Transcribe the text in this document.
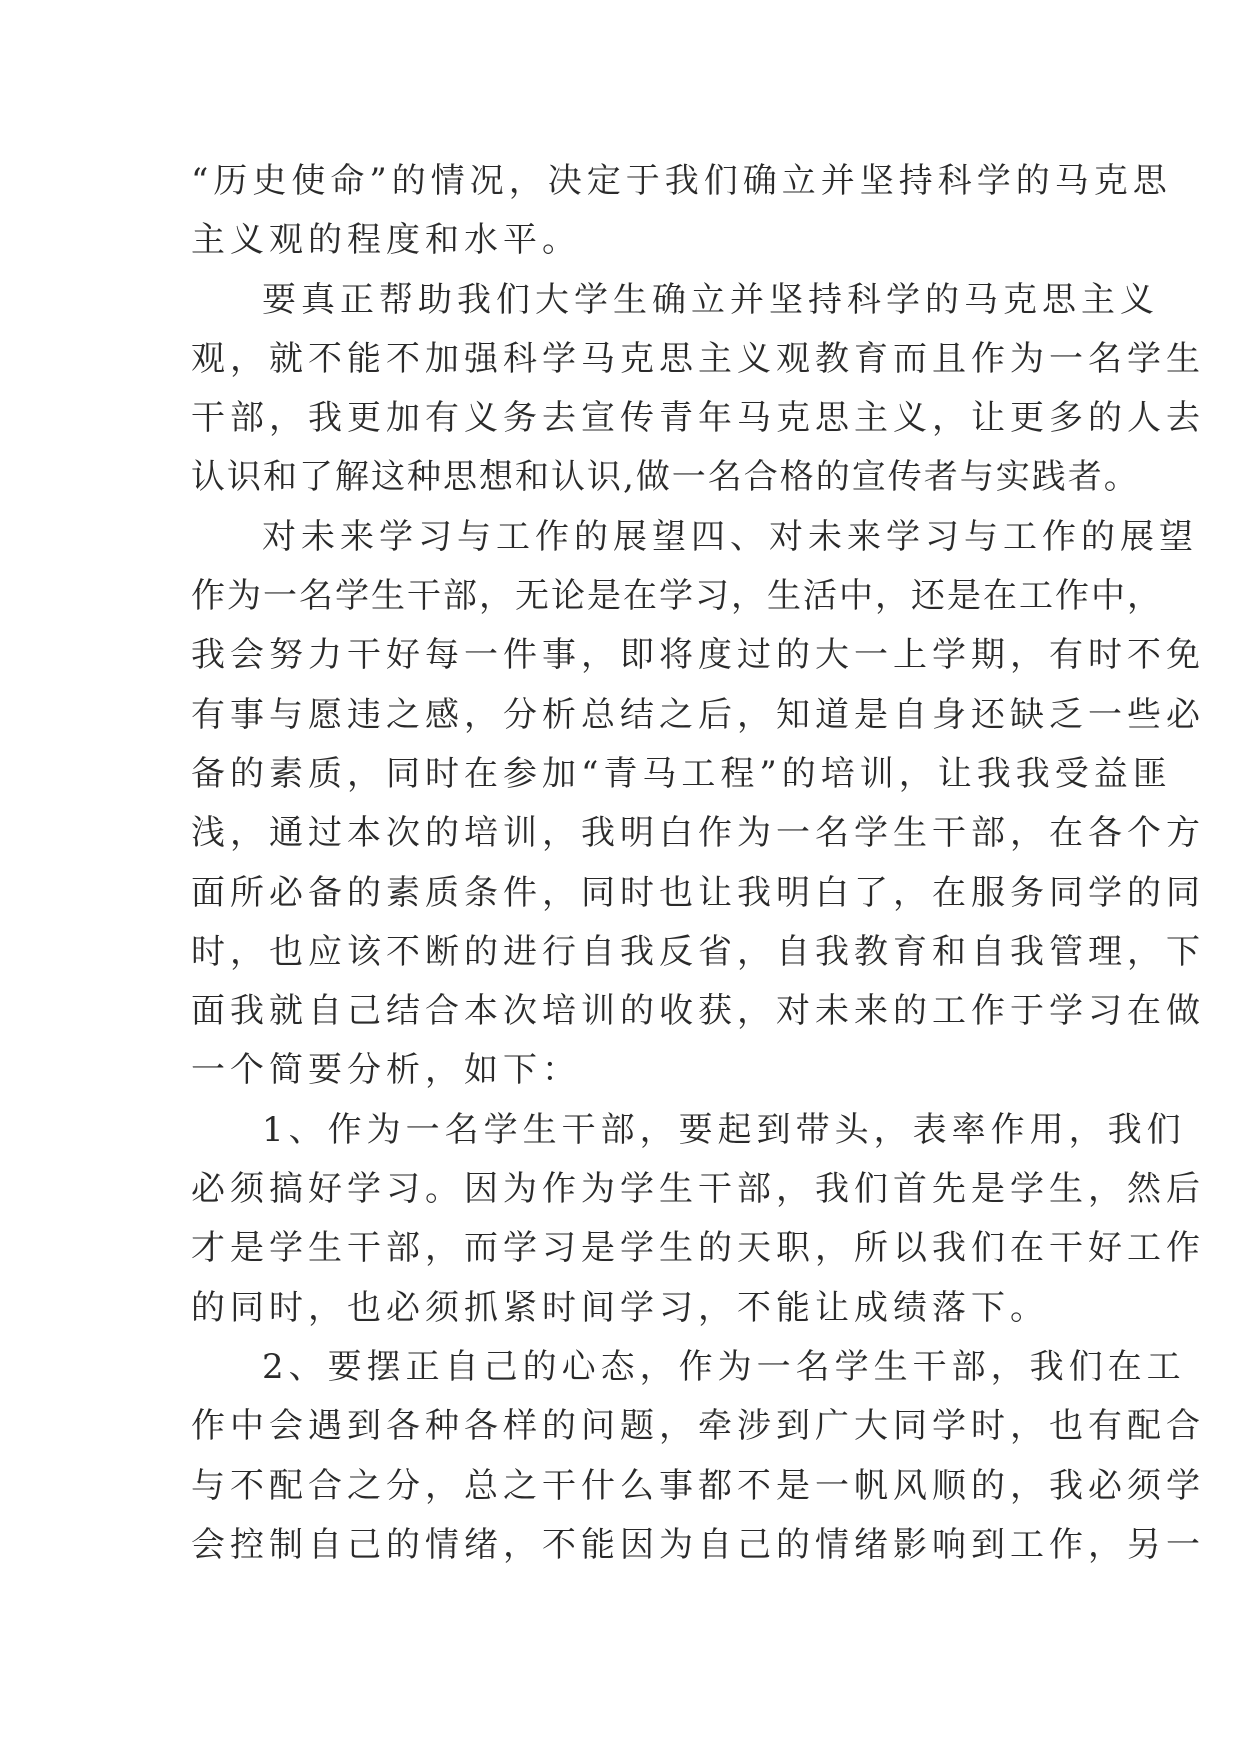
“历史使命”的情况，决定于我们确立并坚持科学的马克思
主义观的程度和水平。
要真正帮助我们大学生确立并坚持科学的马克思主义
观，就不能不加强科学马克思主义观教育而且作为一名学生
干部，我更加有义务去宣传青年马克思主义，让更多的人去
认识和了解这种思想和认识,做一名合格的宣传者与实践者。
对未来学习与工作的展望四、对未来学习与工作的展望
作为一名学生干部，无论是在学习，生活中，还是在工作中，
我会努力干好每一件事，即将度过的大一上学期，有时不免
有事与愿违之感，分析总结之后，知道是自身还缺乏一些必
备的素质，同时在参加“青马工程”的培训，让我我受益匪
浅，通过本次的培训，我明白作为一名学生干部，在各个方
面所必备的素质条件，同时也让我明白了，在服务同学的同
时，也应该不断的进行自我反省，自我教育和自我管理，下
面我就自己结合本次培训的收获，对未来的工作于学习在做
一个简要分析，如下：
1、作为一名学生干部，要起到带头，表率作用，我们
必须搞好学习。因为作为学生干部，我们首先是学生，然后
才是学生干部，而学习是学生的天职，所以我们在干好工作
的同时，也必须抓紧时间学习，不能让成绩落下。
2、要摆正自己的心态，作为一名学生干部，我们在工
作中会遇到各种各样的问题，牵涉到广大同学时，也有配合
与不配合之分，总之干什么事都不是一帆风顺的，我必须学
会控制自己的情绪，不能因为自己的情绪影响到工作，另一
